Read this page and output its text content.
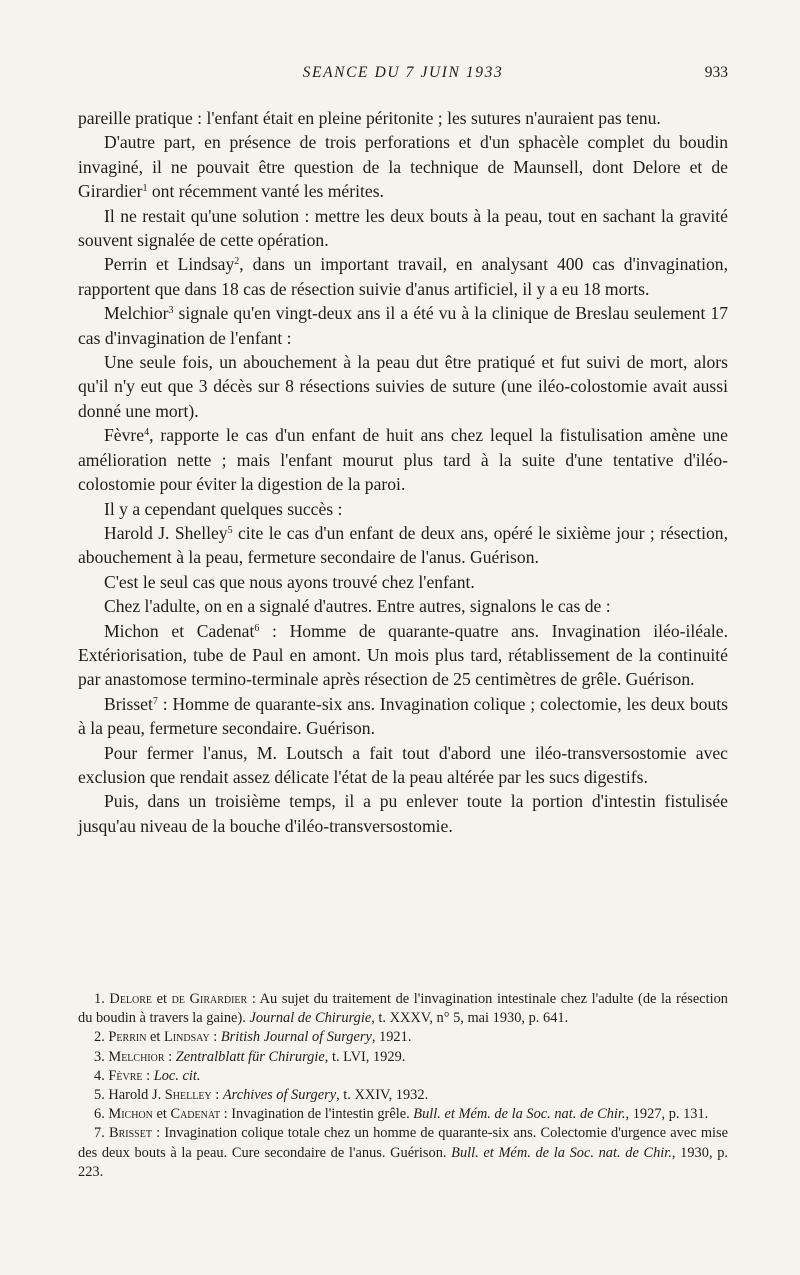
SEANCE DU 7 JUIN 1933	933

pareille pratique : l'enfant était en pleine péritonite ; les sutures n'auraient pas tenu.

D'autre part, en présence de trois perforations et d'un sphacèle complet du boudin invaginé, il ne pouvait être question de la technique de Maunsell, dont Delore et de Girardier$^1$ ont récemment vanté les mérites.

Il ne restait qu'une solution : mettre les deux bouts à la peau, tout en sachant la gravité souvent signalée de cette opération.

Perrin et Lindsay$^2$, dans un important travail, en analysant 400 cas d'invagination, rapportent que dans 18 cas de résection suivie d'anus artificiel, il y a eu 18 morts.

Melchior$^3$ signale qu'en vingt-deux ans il a été vu à la clinique de Breslau seulement 17 cas d'invagination de l'enfant :

Une seule fois, un abouchement à la peau dut être pratiqué et fut suivi de mort, alors qu'il n'y eut que 3 décès sur 8 résections suivies de suture (une iléo-colostomie avait aussi donné une mort).

Fèvre$^4$, rapporte le cas d'un enfant de huit ans chez lequel la fistulisation amène une amélioration nette ; mais l'enfant mourut plus tard à la suite d'une tentative d'iléo-colostomie pour éviter la digestion de la paroi.

Il y a cependant quelques succès :

Harold J. Shelley$^5$ cite le cas d'un enfant de deux ans, opéré le sixième jour ; résection, abouchement à la peau, fermeture secondaire de l'anus. Guérison.

C'est le seul cas que nous ayons trouvé chez l'enfant.

Chez l'adulte, on en a signalé d'autres. Entre autres, signalons le cas de :

Michon et Cadenat$^6$ : Homme de quarante-quatre ans. Invagination iléo-iléale. Extériorisation, tube de Paul en amont. Un mois plus tard, rétablissement de la continuité par anastomose termino-terminale après résection de 25 centimètres de grêle. Guérison.

Brisset$^7$ : Homme de quarante-six ans. Invagination colique ; colectomie, les deux bouts à la peau, fermeture secondaire. Guérison.

Pour fermer l'anus, M. Loutsch a fait tout d'abord une iléo-transversostomie avec exclusion que rendait assez délicate l'état de la peau altérée par les sucs digestifs.

Puis, dans un troisième temps, il a pu enlever toute la portion d'intestin fistulisée jusqu'au niveau de la bouche d'iléo-transversostomie.

1. Delore et de Girardier : Au sujet du traitement de l'invagination intestinale chez l'adulte (de la résection du boudin à travers la gaine). Journal de Chirurgie, t. XXXV, n° 5, mai 1930, p. 641.

2. Perrin et Lindsay : British Journal of Surgery, 1921.

3. Melchior : Zentralblatt für Chirurgie, t. LVI, 1929.

4. Fèvre : Loc. cit.

5. Harold J. Shelley : Archives of Surgery, t. XXIV, 1932.

6. Michon et Cadenat : Invagination de l'intestin grêle. Bull. et Mém. de la Soc. nat. de Chir., 1927, p. 131.

7. Brisset : Invagination colique totale chez un homme de quarante-six ans. Colectomie d'urgence avec mise des deux bouts à la peau. Cure secondaire de l'anus. Guérison. Bull. et Mém. de la Soc. nat. de Chir., 1930, p. 223.
